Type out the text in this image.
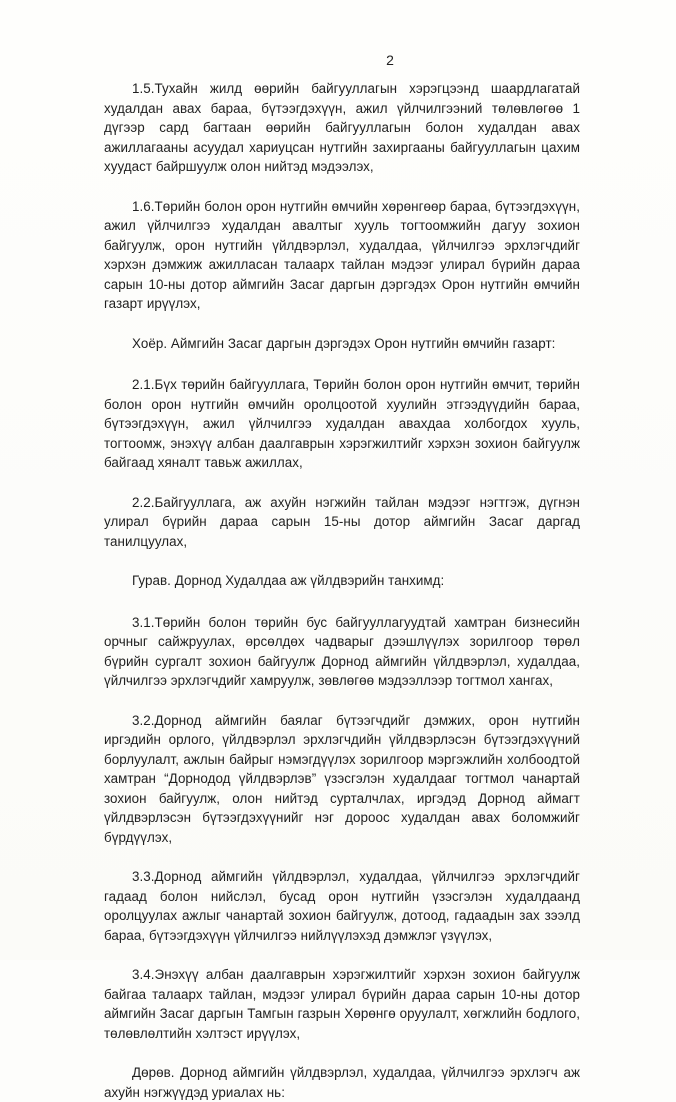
2

1.5.Тухайн жилд өөрийн байгууллагын хэрэгцээнд шаардлагатай худалдан авах бараа, бүтээгдэхүүн, ажил үйлчилгээний төлөвлөгөө 1 дүгээр сард багтаан өөрийн байгууллагын болон худалдан авах ажиллагааны асуудал хариуцсан нутгийн захиргааны байгууллагын цахим хуудаст байршуулж олон нийтэд мэдээлэх,

1.6.Төрийн болон орон нутгийн өмчийн хөрөнгөөр бараа, бүтээгдэхүүн, ажил үйлчилгээ худалдан авалтыг хууль тогтоомжийн дагуу зохион байгуулж, орон нутгийн үйлдвэрлэл, худалдаа, үйлчилгээ эрхлэгчдийг хэрхэн дэмжиж ажилласан талаарх тайлан мэдээг улирал бүрийн дараа сарын 10-ны дотор аймгийн Засаг даргын дэргэдэх Орон нутгийн өмчийн газарт ирүүлэх,

Хоёр. Аймгийн Засаг даргын дэргэдэх Орон нутгийн өмчийн газарт:

2.1.Бүх төрийн байгууллага, Төрийн болон орон нутгийн өмчит, төрийн болон орон нутгийн өмчийн оролцоотой хуулийн этгээдүүдийн бараа, бүтээгдэхүүн, ажил үйлчилгээ худалдан авахдаа холбогдох хууль, тогтоомж, энэхүү албан даалгаврын хэрэгжилтийг хэрхэн зохион байгуулж байгаад хяналт тавьж ажиллах,

2.2.Байгууллага, аж ахуйн нэгжийн тайлан мэдээг нэгтгэж, дүгнэн улирал бүрийн дараа сарын 15-ны дотор аймгийн Засаг даргад танилцуулах,

Гурав. Дорнод Худалдаа аж үйлдвэрийн танхимд:

3.1.Төрийн болон төрийн бус байгууллагуудтай хамтран бизнесийн орчныг сайжруулах, өрсөлдөх чадварыг дээшлүүлэх зорилгоор төрөл бүрийн сургалт зохион байгуулж Дорнод аймгийн үйлдвэрлэл, худалдаа, үйлчилгээ эрхлэгчдийг хамруулж, зөвлөгөө мэдээллээр тогтмол хангах,

3.2.Дорнод аймгийн баялаг бүтээгчдийг дэмжих, орон нутгийн иргэдийн орлого, үйлдвэрлэл эрхлэгчдийн үйлдвэрлэсэн бүтээгдэхүүний борлуулалт, ажлын байрыг нэмэгдүүлэх зорилгоор мэргэжлийн холбоодтой хамтран “Дорнодод үйлдвэрлэв” үзэсгэлэн худалдааг тогтмол чанартай зохион байгуулж, олон нийтэд сурталчлах, иргэдэд Дорнод аймагт үйлдвэрлэсэн бүтээгдэхүүнийг нэг дороос худалдан авах боломжийг бүрдүүлэх,

3.3.Дорнод аймгийн үйлдвэрлэл, худалдаа, үйлчилгээ эрхлэгчдийг гадаад болон нийслэл, бусад орон нутгийн үзэсгэлэн худалдаанд оролцуулах ажлыг чанартай зохион байгуулж, дотоод, гадаадын зах зээлд бараа, бүтээгдэхүүн үйлчилгээ нийлүүлэхэд дэмжлэг үзүүлэх,

3.4.Энэхүү албан даалгаврын хэрэгжилтийг хэрхэн зохион байгуулж байгаа талаарх тайлан, мэдээг улирал бүрийн дараа сарын 10-ны дотор аймгийн Засаг даргын Тамгын газрын Хөрөнгө оруулалт, хөгжлийн бодлого, төлөвлөлтийн хэлтэст ирүүлэх,

Дөрөв. Дорнод аймгийн үйлдвэрлэл, худалдаа, үйлчилгээ эрхлэгч аж ахуйн нэгжүүдэд уриалах нь:
